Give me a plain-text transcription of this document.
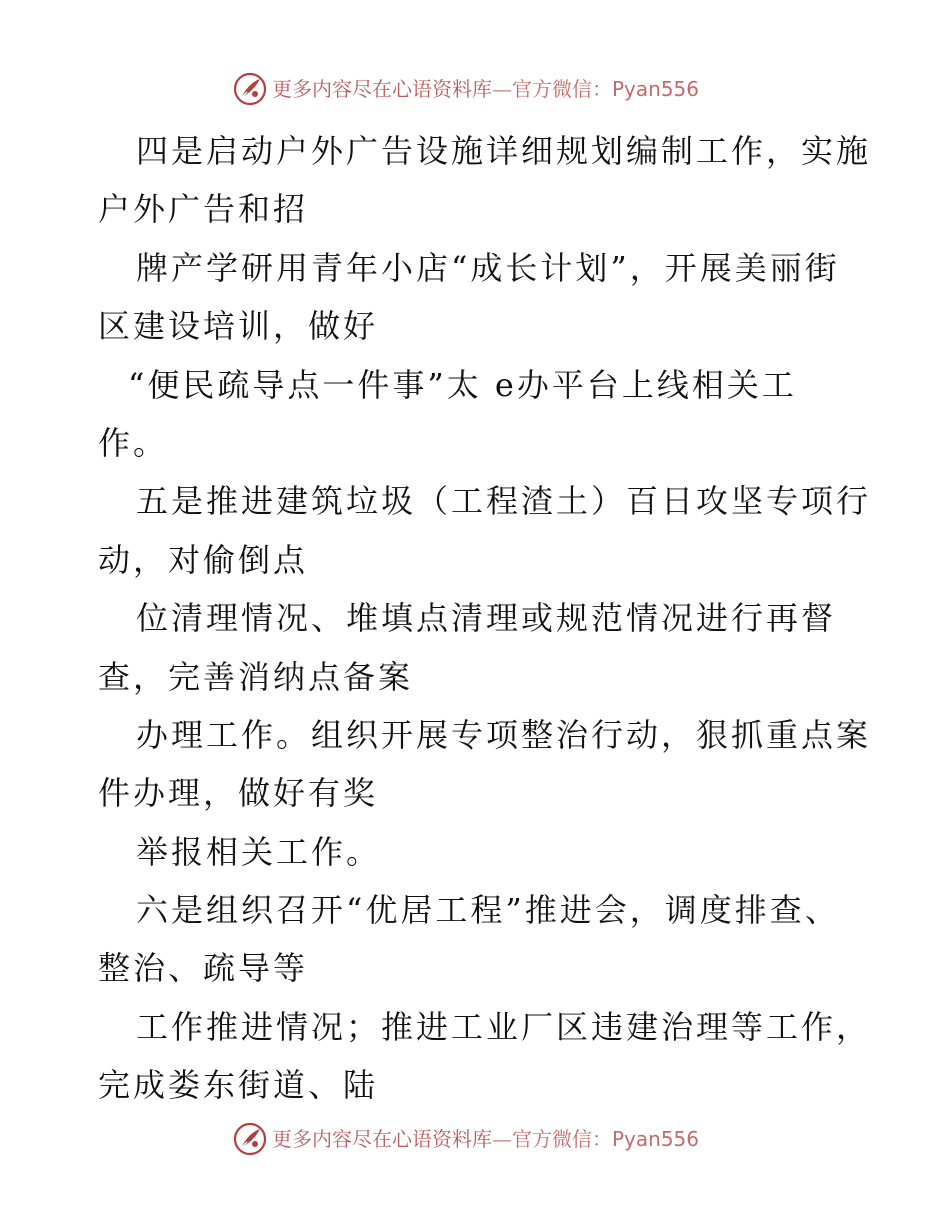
更多内容尽在心语资料库—官方微信：Pyan556
四是启动户外广告设施详细规划编制工作，实施
户外广告和招
牌产学研用青年小店“成长计划”，开展美丽街
区建设培训，做好
“便民疏导点一件事”太 e办平台上线相关工
作。
五是推进建筑垃圾（工程渣土）百日攻坚专项行
动，对偷倒点
位清理情况、堆填点清理或规范情况进行再督
查，完善消纳点备案
办理工作。组织开展专项整治行动，狠抓重点案
件办理，做好有奖
举报相关工作。
六是组织召开“优居工程”推进会，调度排查、
整治、疏导等
工作推进情况；推进工业厂区违建治理等工作，
完成娄东街道、陆
更多内容尽在心语资料库—官方微信：Pyan556
